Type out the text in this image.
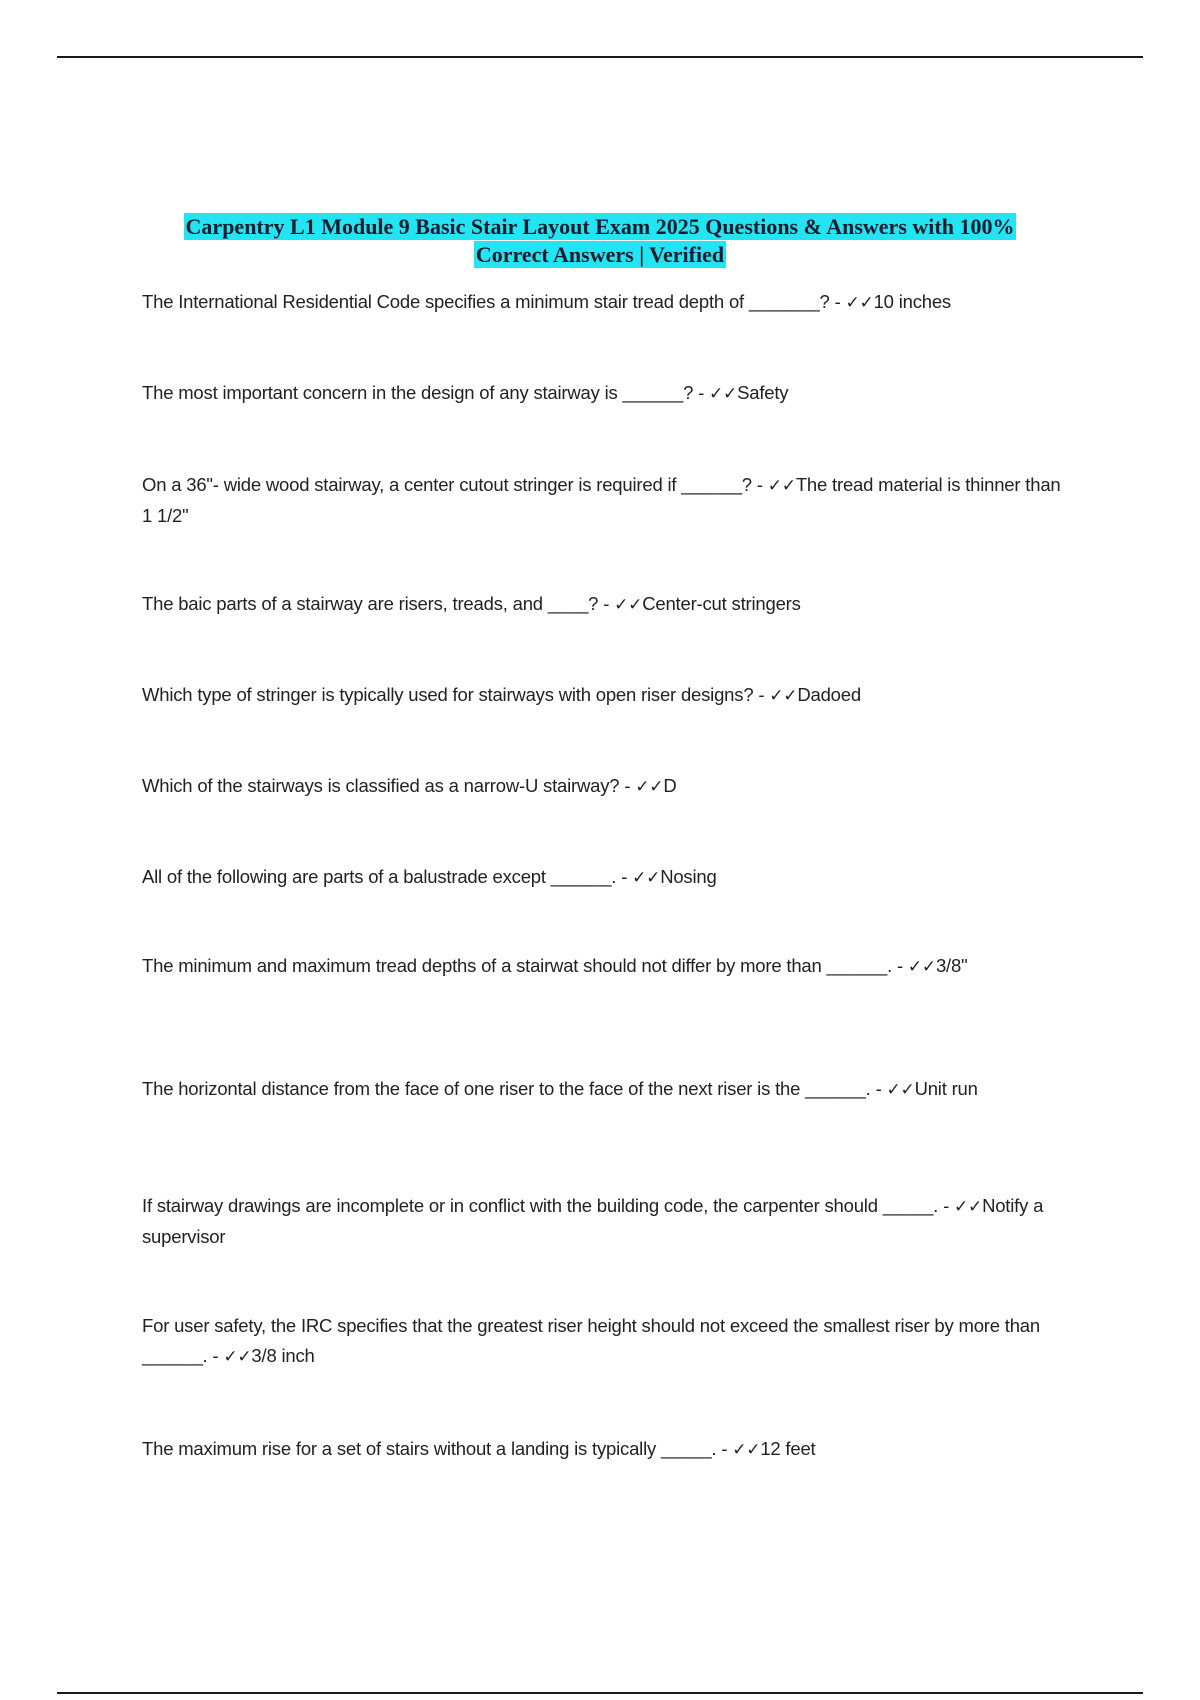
Carpentry L1 Module 9 Basic Stair Layout Exam 2025 Questions & Answers with 100%
Correct Answers | Verified
The International Residential Code specifies a minimum stair tread depth of _______? - ✓✓10 inches
The most important concern in the design of any stairway is ______? - ✓✓Safety
On a 36"- wide wood stairway, a center cutout stringer is required if ______? - ✓✓The tread material is thinner than 1 1/2"
The baic parts of a stairway are risers, treads, and ____? - ✓✓Center-cut stringers
Which type of stringer is typically used for stairways with open riser designs? - ✓✓Dadoed
Which of the stairways is classified as a narrow-U stairway? - ✓✓D
All of the following are parts of a balustrade except ______. - ✓✓Nosing
The minimum and maximum tread depths of a stairwat should not differ by more than ______. - ✓✓3/8"
The horizontal distance from the face of one riser to the face of the next riser is the ______. - ✓✓Unit run
If stairway drawings are incomplete or in conflict with the building code, the carpenter should _____. - ✓✓Notify a supervisor
For user safety, the IRC specifies that the greatest riser height should not exceed the smallest riser by more than ______. - ✓✓3/8 inch
The maximum rise for a set of stairs without a landing is typically _____. - ✓✓12 feet
